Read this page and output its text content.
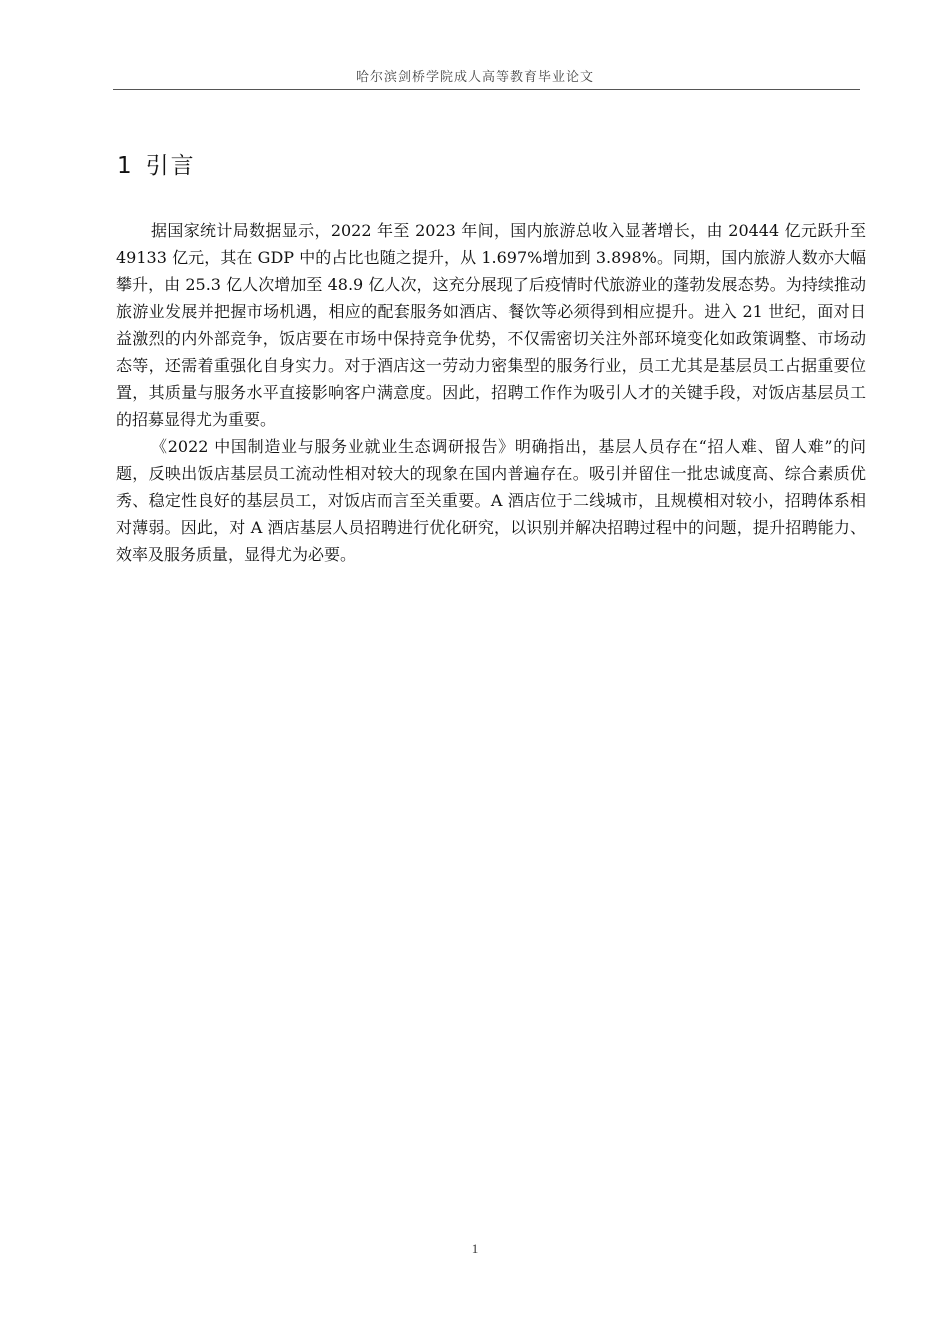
哈尔滨剑桥学院成人高等教育毕业论文
1 引言

据国家统计局数据显示，2022 年至 2023 年间，国内旅游总收入显著增长，由 20444 亿元跃升至 49133 亿元，其在 GDP 中的占比也随之提升，从 1.697%增加到 3.898%。同期，国内旅游人数亦大幅攀升，由 25.3 亿人次增加至 48.9 亿人次，这充分展现了后疫情时代旅游业的蓬勃发展态势。为持续推动旅游业发展并把握市场机遇，相应的配套服务如酒店、餐饮等必须得到相应提升。进入 21 世纪，面对日益激烈的内外部竞争，饭店要在市场中保持竞争优势，不仅需密切关注外部环境变化如政策调整、市场动态等，还需着重强化自身实力。对于酒店这一劳动力密集型的服务行业，员工尤其是基层员工占据重要位置，其质量与服务水平直接影响客户满意度。因此，招聘工作作为吸引人才的关键手段，对饭店基层员工的招募显得尤为重要。

《2022 中国制造业与服务业就业生态调研报告》明确指出，基层人员存在“招人难、留人难”的问题，反映出饭店基层员工流动性相对较大的现象在国内普遍存在。吸引并留住一批忠诚度高、综合素质优秀、稳定性良好的基层员工，对饭店而言至关重要。A 酒店位于二线城市，且规模相对较小，招聘体系相对薄弱。因此，对 A 酒店基层人员招聘进行优化研究，以识别并解决招聘过程中的问题，提升招聘能力、效率及服务质量，显得尤为必要。

1
